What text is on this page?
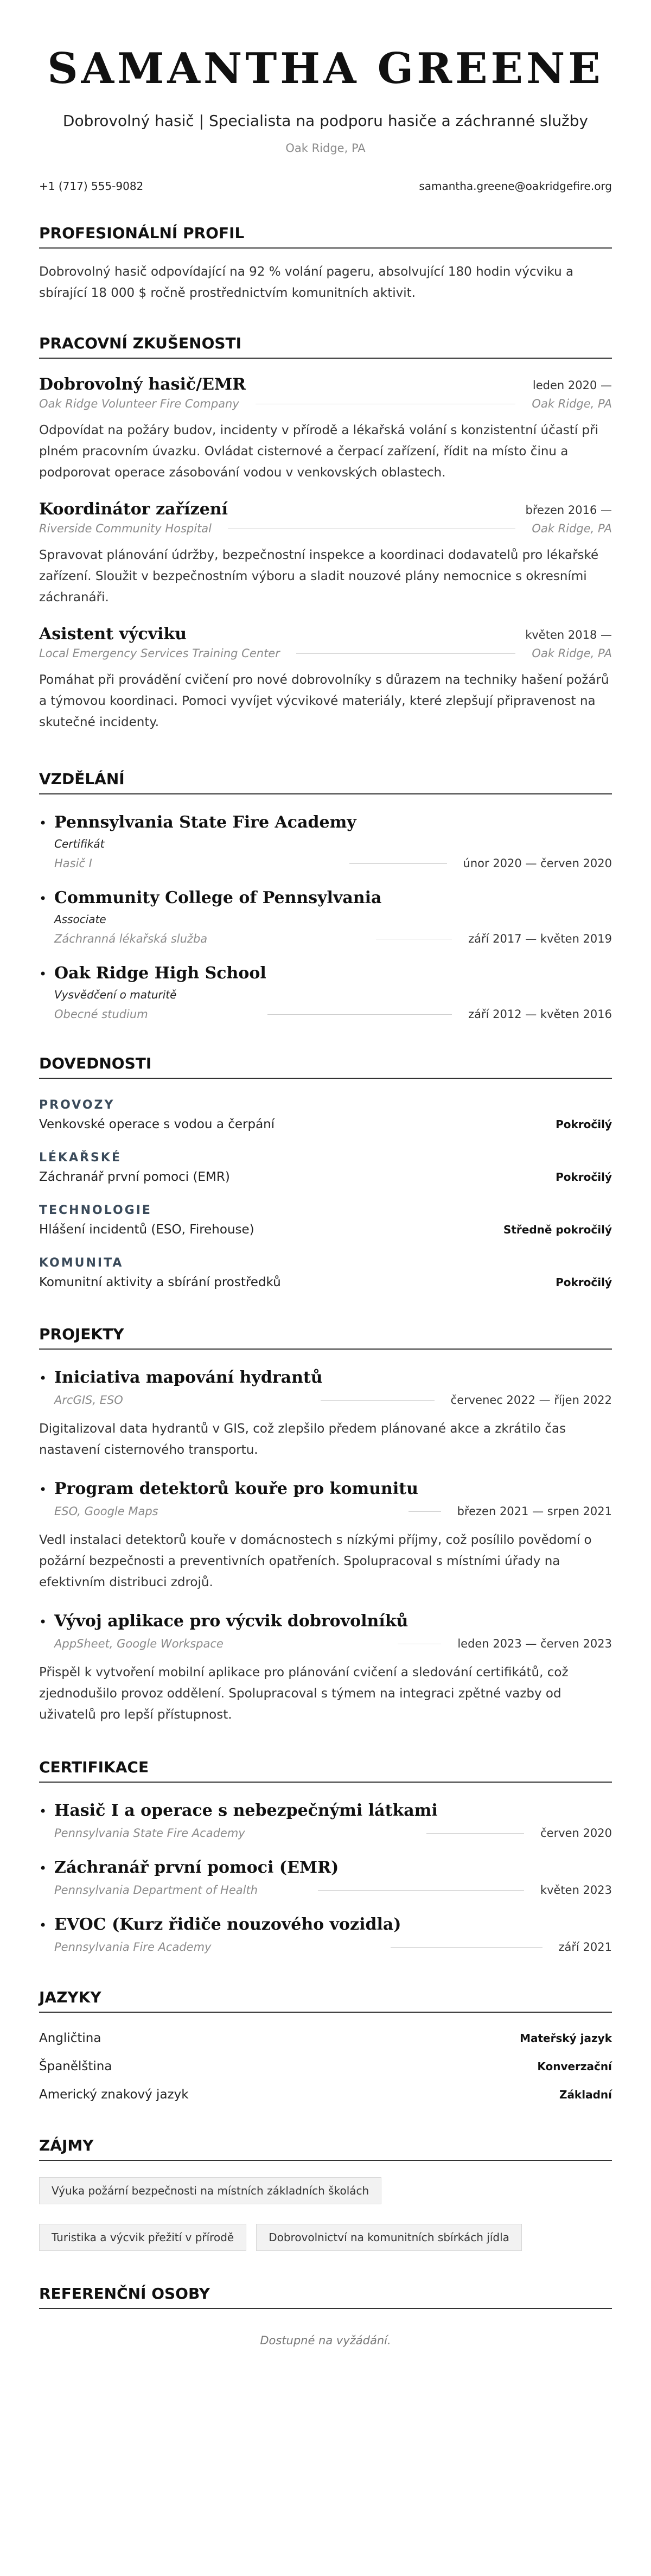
SAMANTHA GREENE
Dobrovolný hasič | Specialista na podporu hasiče a záchranné služby
Oak Ridge, PA
+1 (717) 555-9082	samantha.greene@oakridgefire.org
PROFESIONÁLNÍ PROFIL
Dobrovolný hasič odpovídající na 92 % volání pageru, absolvující 180 hodin výcviku a sbírající 18 000 $ ročně prostřednictvím komunitních aktivit.
PRACOVNÍ ZKUŠENOSTI
Dobrovolný hasič/EMR	leden 2020 —
Oak Ridge Volunteer Fire Company	Oak Ridge, PA
Odpovídat na požáry budov, incidenty v přírodě a lékařská volání s konzistentní účastí při plném pracovním úvazku. Ovládat cisternové a čerpací zařízení, řídit na místo činu a podporovat operace zásobování vodou v venkovských oblastech.
Koordinátor zařízení	březen 2016 —
Riverside Community Hospital	Oak Ridge, PA
Spravovat plánování údržby, bezpečnostní inspekce a koordinaci dodavatelů pro lékařské zařízení. Sloužit v bezpečnostním výboru a sladit nouzové plány nemocnice s okresními záchranáři.
Asistent výcviku	květen 2018 —
Local Emergency Services Training Center	Oak Ridge, PA
Pomáhat při provádění cvičení pro nové dobrovolníky s důrazem na techniky hašení požárů a týmovou koordinaci. Pomoci vyvíjet výcvikové materiály, které zlepšují připravenost na skutečné incidenty.
VZDĚLÁNÍ
• Pennsylvania State Fire Academy
Certifikát
Hasič I	únor 2020 — červen 2020
• Community College of Pennsylvania
Associate
Záchranná lékařská služba	září 2017 — květen 2019
• Oak Ridge High School
Vysvědčení o maturitě
Obecné studium	září 2012 — květen 2016
DOVEDNOSTI
PROVOZY
Venkovské operace s vodou a čerpání	Pokročilý
LÉKAŘSKÉ
Záchranář první pomoci (EMR)	Pokročilý
TECHNOLOGIE
Hlášení incidentů (ESO, Firehouse)	Středně pokročilý
KOMUNITA
Komunitní aktivity a sbírání prostředků	Pokročilý
PROJEKTY
• Iniciativa mapování hydrantů
ArcGIS, ESO	červenec 2022 — říjen 2022
Digitalizoval data hydrantů v GIS, což zlepšilo předem plánované akce a zkrátilo čas nastavení cisternového transportu.
• Program detektorů kouře pro komunitu
ESO, Google Maps	březen 2021 — srpen 2021
Vedl instalaci detektorů kouře v domácnostech s nízkými příjmy, což posílilo povědomí o požární bezpečnosti a preventivních opatřeních. Spolupracoval s místními úřady na efektivním distribuci zdrojů.
• Vývoj aplikace pro výcvik dobrovolníků
AppSheet, Google Workspace	leden 2023 — červen 2023
Přispěl k vytvoření mobilní aplikace pro plánování cvičení a sledování certifikátů, což zjednodušilo provoz oddělení. Spolupracoval s týmem na integraci zpětné vazby od uživatelů pro lepší přístupnost.
CERTIFIKACE
• Hasič I a operace s nebezpečnými látkami
Pennsylvania State Fire Academy	červen 2020
• Záchranář první pomoci (EMR)
Pennsylvania Department of Health	květen 2023
• EVOC (Kurz řidiče nouzového vozidla)
Pennsylvania Fire Academy	září 2021
JAZYKY
Angličtina	Mateřský jazyk
Španělština	Konverzační
Americký znakový jazyk	Základní
ZÁJMY
Výuka požární bezpečnosti na místních základních školách
Turistika a výcvik přežití v přírodě	Dobrovolnictví na komunitních sbírkách jídla
REFERENČNÍ OSOBY
Dostupné na vyžádání.
